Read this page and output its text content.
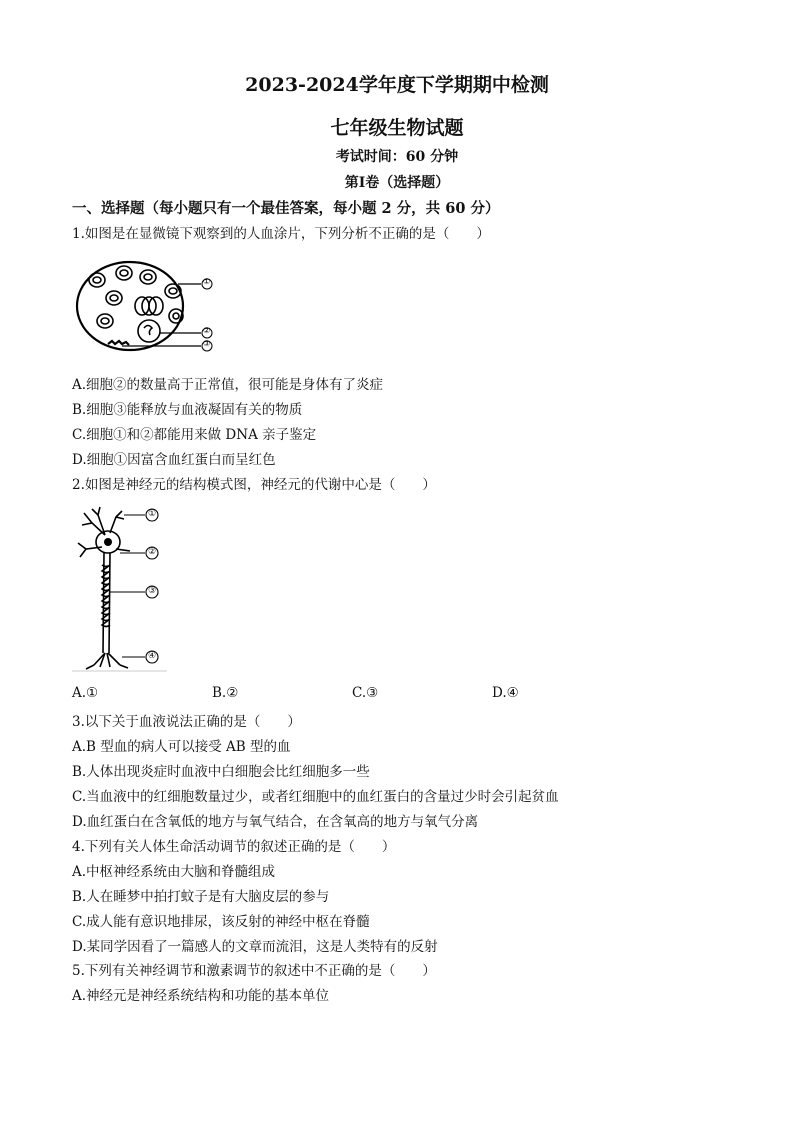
2023-2024学年度下学期期中检测
七年级生物试题
考试时间：60 分钟
第Ⅰ卷（选择题）
一、选择题（每小题只有一个最佳答案，每小题 2 分，共 60 分）
1.如图是在显微镜下观察到的人血涂片，下列分析不正确的是（　　）
①
②
③
A.细胞②的数量高于正常值，很可能是身体有了炎症
B.细胞③能释放与血液凝固有关的物质
C.细胞①和②都能用来做 DNA 亲子鉴定
D.细胞①因富含血红蛋白而呈红色
2.如图是神经元的结构模式图，神经元的代谢中心是（　　）
①
②
③
④
A.①	B.②	C.③	D.④
3.以下关于血液说法正确的是（　　）
A.B 型血的病人可以接受 AB 型的血
B.人体出现炎症时血液中白细胞会比红细胞多一些
C.当血液中的红细胞数量过少，或者红细胞中的血红蛋白的含量过少时会引起贫血
D.血红蛋白在含氧低的地方与氧气结合，在含氧高的地方与氧气分离
4.下列有关人体生命活动调节的叙述正确的是（　　）
A.中枢神经系统由大脑和脊髓组成
B.人在睡梦中拍打蚊子是有大脑皮层的参与
C.成人能有意识地排尿，该反射的神经中枢在脊髓
D.某同学因看了一篇感人的文章而流泪，这是人类特有的反射
5.下列有关神经调节和激素调节的叙述中不正确的是（　　）
A.神经元是神经系统结构和功能的基本单位
